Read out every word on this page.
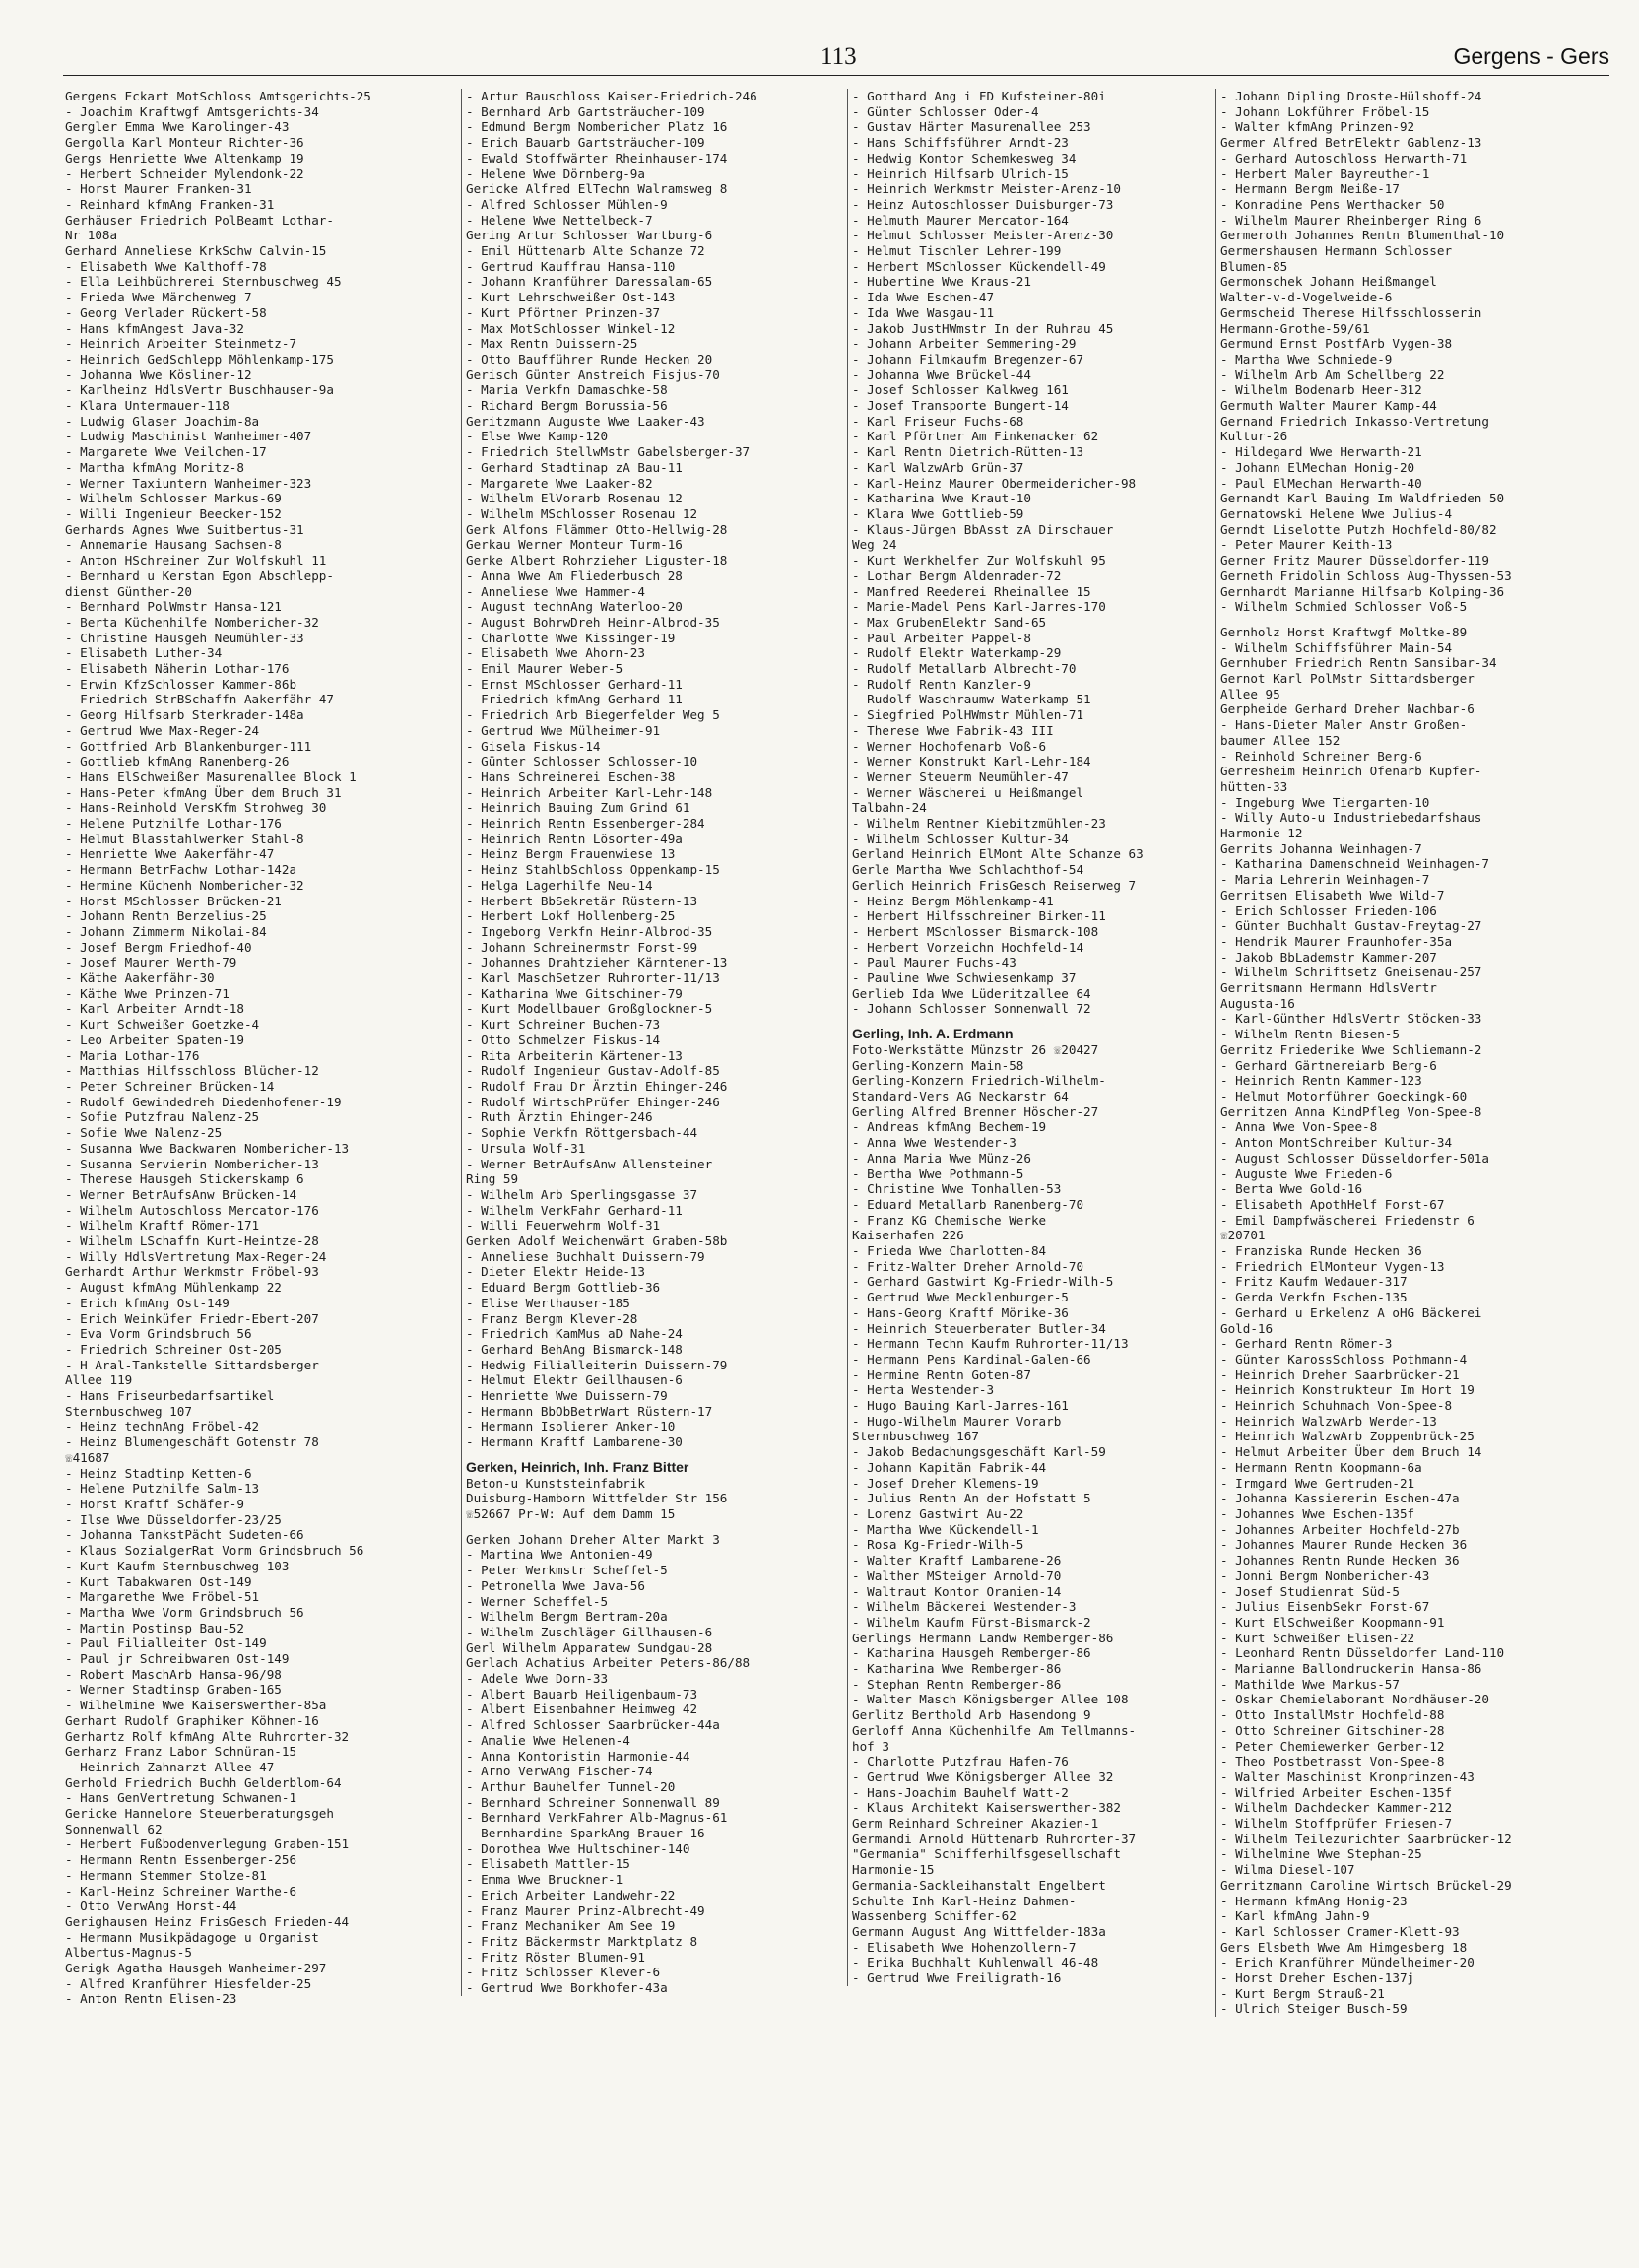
113	Gergens - Gers
Gergens Eckart MotSchloss Amtsgerichts-25
- Joachim Kraftwgf Amtsgerichts-34
Gergler Emma Wwe Karolinger-43
Gergolla Karl Monteur Richter-36
Gergs Henriette Wwe Altenkamp 19
- Herbert Schneider Mylendonk-22
- Horst Maurer Franken-31
- Reinhard kfmAng Franken-31
Gerhäuser Friedrich PolBeamt Lothar-
Nr 108a
Gerhard Anneliese KrkSchw Calvin-15
- Elisabeth Wwe Kalthoff-78
- Ella Leihbüchrerei Sternbuschweg 45
- Frieda Wwe Märchenweg 7
- Georg Verlader Rückert-58
- Hans kfmAngest Java-32
- Heinrich Arbeiter Steinmetz-7
- Heinrich GedSchlepp Möhlenkamp-175
- Johanna Wwe Kösliner-12
- Karlheinz HdlsVertr Buschhauser-9a
- Klara Untermauer-118
- Ludwig Glaser Joachim-8a
- Ludwig Maschinist Wanheimer-407
- Margarete Wwe Veilchen-17
- Martha kfmAng Moritz-8
- Werner Taxiuntern Wanheimer-323
- Wilhelm Schlosser Markus-69
- Willi Ingenieur Beecker-152
Gerhards Agnes Wwe Suitbertus-31
- Annemarie Hausang Sachsen-8
- Anton HSchreiner Zur Wolfskuhl 11
- Bernhard u Kerstan Egon Abschlepp-
dienst Günther-20
- Bernhard PolWmstr Hansa-121
- Berta Küchenhilfe Nombericher-32
- Christine Hausgeh Neumühler-33
- Elisabeth Luther-34
- Elisabeth Näherin Lothar-176
- Erwin KfzSchlosser Kammer-86b
- Friedrich StrBSchaffn Aakerfähr-47
- Georg Hilfsarb Sterkrader-148a
- Gertrud Wwe Max-Reger-24
- Gottfried Arb Blankenburger-111
- Gottlieb kfmAng Ranenberg-26
- Hans ElSchweißer Masurenallee Block 1
- Hans-Peter kfmAng Über dem Bruch 31
- Hans-Reinhold VersKfm Strohweg 30
- Helene Putzhilfe Lothar-176
- Helmut Blasstahlwerker Stahl-8
- Henriette Wwe Aakerfähr-47
- Hermann BetrFachw Lothar-142a
- Hermine Küchenh Nombericher-32
- Horst MSchlosser Brücken-21
- Johann Rentn Berzelius-25
- Johann Zimmerm Nikolai-84
- Josef Bergm Friedhof-40
- Josef Maurer Werth-79
- Käthe Aakerfähr-30
- Käthe Wwe Prinzen-71
- Karl Arbeiter Arndt-18
- Kurt Schweißer Goetzke-4
- Leo Arbeiter Spaten-19
- Maria Lothar-176
- Matthias Hilfsschloss Blücher-12
- Peter Schreiner Brücken-14
- Rudolf Gewindedreh Diedenhofener-19
- Sofie Putzfrau Nalenz-25
- Sofie Wwe Nalenz-25
- Susanna Wwe Backwaren Nombericher-13
- Susanna Servierin Nombericher-13
- Therese Hausgeh Stickerskamp 6
- Werner BetrAufsAnw Brücken-14
- Wilhelm Autoschloss Mercator-176
- Wilhelm Kraftf Römer-171
- Wilhelm LSchaffn Kurt-Heintze-28
- Willy HdlsVertretung Max-Reger-24
Gerhardt Arthur Werkmstr Fröbel-93
- August kfmAng Mühlenkamp 22
- Erich kfmAng Ost-149
- Erich Weinküfer Friedr-Ebert-207
- Eva Vorm Grindsbruch 56
- Friedrich Schreiner Ost-205
- H Aral-Tankstelle Sittardsberger
Allee 119
- Hans Friseurbedarfsartikel
Sternbuschweg 107
- Heinz technAng Fröbel-42
- Heinz Blumengeschäft Gotenstr 78
☏41687
- Heinz Stadtinp Ketten-6
- Helene Putzhilfe Salm-13
- Horst Kraftf Schäfer-9
- Ilse Wwe Düsseldorfer-23/25
- Johanna TankstPächt Sudeten-66
- Klaus SozialgerRat Vorm Grindsbruch 56
- Kurt Kaufm Sternbuschweg 103
- Kurt Tabakwaren Ost-149
- Margarethe Wwe Fröbel-51
- Martha Wwe Vorm Grindsbruch 56
- Martin Postinsp Bau-52
- Paul Filialleiter Ost-149
- Paul jr Schreibwaren Ost-149
- Robert MaschArb Hansa-96/98
- Werner Stadtinsp Graben-165
- Wilhelmine Wwe Kaiserswerther-85a
Gerhart Rudolf Graphiker Köhnen-16
Gerhartz Rolf kfmAng Alte Ruhrorter-32
Gerharz Franz Labor Schnüran-15
- Heinrich Zahnarzt Allee-47
Gerhold Friedrich Buchh Gelderblom-64
- Hans GenVertretung Schwanen-1
Gericke Hannelore Steuerberatungsgeh
Sonnenwall 62
- Herbert Fußbodenverlegung Graben-151
- Hermann Rentn Essenberger-256
- Hermann Stemmer Stolze-81
- Karl-Heinz Schreiner Warthe-6
- Otto VerwAng Horst-44
Gerighausen Heinz FrisGesch Frieden-44
- Hermann Musikpädagoge u Organist
Albertus-Magnus-5
Gerigk Agatha Hausgeh Wanheimer-297
- Alfred Kranführer Hiesfelder-25
- Anton Rentn Elisen-23
- Artur Bauschloss Kaiser-Friedrich-246
- Bernhard Arb Gartsträucher-109
- Edmund Bergm Nombericher Platz 16
- Erich Bauarb Gartsträucher-109
- Ewald Stoffwärter Rheinhauser-174
- Helene Wwe Dörnberg-9a
Gericke Alfred ElTechn Walramsweg 8
- Alfred Schlosser Mühlen-9
- Helene Wwe Nettelbeck-7
Gering Artur Schlosser Wartburg-6
- Emil Hüttenarb Alte Schanze 72
- Gertrud Kauffrau Hansa-110
- Johann Kranführer Daressalam-65
- Kurt Lehrschweißer Ost-143
- Kurt Pförtner Prinzen-37
- Max MotSchlosser Winkel-12
- Max Rentn Duissern-25
- Otto Baufführer Runde Hecken 20
Gerisch Günter Anstreich Fisjus-70
- Maria Verkfn Damaschke-58
- Richard Bergm Borussia-56
Geritzmann Auguste Wwe Laaker-43
- Else Wwe Kamp-120
- Friedrich StellwMstr Gabelsberger-37
- Gerhard Stadtinap zA Bau-11
- Margarete Wwe Laaker-82
- Wilhelm ElVorarb Rosenau 12
- Wilhelm MSchlosser Rosenau 12
Gerk Alfons Flämmer Otto-Hellwig-28
Gerkau Werner Monteur Turm-16
Gerke Albert Rohrzieher Liguster-18
- Anna Wwe Am Fliederbusch 28
- Anneliese Wwe Hammer-4
- August technAng Waterloo-20
- August BohrwDreh Heinr-Albrod-35
- Charlotte Wwe Kissinger-19
- Elisabeth Wwe Ahorn-23
- Emil Maurer Weber-5
- Ernst MSchlosser Gerhard-11
- Friedrich kfmAng Gerhard-11
- Friedrich Arb Biegerfelder Weg 5
- Gertrud Wwe Mülheimer-91
- Gisela Fiskus-14
- Günter Schlosser Schlosser-10
- Hans Schreinerei Eschen-38
- Heinrich Arbeiter Karl-Lehr-148
- Heinrich Bauing Zum Grind 61
- Heinrich Rentn Essenberger-284
- Heinrich Rentn Lösorter-49a
- Heinz Bergm Frauenwiese 13
- Heinz StahlbSchloss Oppenkamp-15
- Helga Lagerhilfe Neu-14
- Herbert BbSekretär Rüstern-13
- Herbert Lokf Hollenberg-25
- Ingeborg Verkfn Heinr-Albrod-35
- Johann Schreinermstr Forst-99
- Johannes Drahtzieher Kärntener-13
- Karl MaschSetzer Ruhrorter-11/13
- Katharina Wwe Gitschiner-79
- Kurt Modellbauer Großglockner-5
- Kurt Schreiner Buchen-73
- Otto Schmelzer Fiskus-14
- Rita Arbeiterin Kärtener-13
- Rudolf Ingenieur Gustav-Adolf-85
- Rudolf Frau Dr Ärztin Ehinger-246
- Rudolf WirtschPrüfer Ehinger-246
- Ruth Ärztin Ehinger-246
- Sophie Verkfn Röttgersbach-44
- Ursula Wolf-31
- Werner BetrAufsAnw Allensteiner
Ring 59
- Wilhelm Arb Sperlingsgasse 37
- Wilhelm VerkFahr Gerhard-11
- Willi Feuerwehrm Wolf-31
Gerken Adolf Weichenwärt Graben-58b
- Anneliese Buchhalt Duissern-79
- Dieter Elektr Heide-13
- Eduard Bergm Gottlieb-36
- Elise Werthauser-185
- Franz Bergm Klever-28
- Friedrich KamMus aD Nahe-24
- Gerhard BehAng Bismarck-148
- Hedwig Filialleiterin Duissern-79
- Helmut Elektr Geillhausen-6
- Henriette Wwe Duissern-79
- Hermann BbObBetrWart Rüstern-17
- Hermann Isolierer Anker-10
- Hermann Kraftf Lambarene-30
Gerken, Heinrich, Inh. Franz Bitter
Beton-u Kunststeinfabrik
Duisburg-Hamborn Wittfelder Str 156
☏52667 Pr-W: Auf dem Damm 15
Gerken Johann Dreher Alter Markt 3
- Martina Wwe Antonien-49
- Peter Werkmstr Scheffel-5
- Petronella Wwe Java-56
- Werner Scheffel-5
- Wilhelm Bergm Bertram-20a
- Wilhelm Zuschläger Gillhausen-6
Gerl Wilhelm Apparatew Sundgau-28
Gerlach Achatius Arbeiter Peters-86/88
- Adele Wwe Dorn-33
- Albert Bauarb Heiligenbaum-73
- Albert Eisenbahner Heimweg 42
- Alfred Schlosser Saarbrücker-44a
- Amalie Wwe Helenen-4
- Anna Kontoristin Harmonie-44
- Arno VerwAng Fischer-74
- Arthur Bauhelfer Tunnel-20
- Bernhard Schreiner Sonnenwall 89
- Bernhard VerkFahrer Alb-Magnus-61
- Bernhardine SparkAng Brauer-16
- Dorothea Wwe Hultschiner-140
- Elisabeth Mattler-15
- Emma Wwe Bruckner-1
- Erich Arbeiter Landwehr-22
- Franz Maurer Prinz-Albrecht-49
- Franz Mechaniker Am See 19
- Fritz Bäckermstr Marktplatz 8
- Fritz Röster Blumen-91
- Fritz Schlosser Klever-6
- Gertrud Wwe Borkhofer-43a
- Gotthard Ang i FD Kufsteiner-80i
- Günter Schlosser Oder-4
- Gustav Härter Masurenallee 253
- Hans Schiffsführer Arndt-23
- Hedwig Kontor Schemkesweg 34
- Heinrich Hilfsarb Ulrich-15
- Heinrich Werkmstr Meister-Arenz-10
- Heinz Autoschlosser Duisburger-73
- Helmuth Maurer Mercator-164
- Helmut Schlosser Meister-Arenz-30
- Helmut Tischler Lehrer-199
- Herbert MSchlosser Kückendell-49
- Hubertine Wwe Kraus-21
- Ida Wwe Eschen-47
- Ida Wwe Wasgau-11
- Jakob JustHWmstr In der Ruhrau 45
- Johann Arbeiter Semmering-29
- Johann Filmkaufm Bregenzer-67
- Johanna Wwe Brückel-44
- Josef Schlosser Kalkweg 161
- Josef Transporte Bungert-14
- Karl Friseur Fuchs-68
- Karl Pförtner Am Finkenacker 62
- Karl Rentn Dietrich-Rütten-13
- Karl WalzwArb Grün-37
- Karl-Heinz Maurer Obermeidericher-98
- Katharina Wwe Kraut-10
- Klara Wwe Gottlieb-59
- Klaus-Jürgen BbAsst zA Dirschauer
Weg 24
- Kurt Werkhelfer Zur Wolfskuhl 95
- Lothar Bergm Aldenrader-72
- Manfred Reederei Rheinallee 15
- Marie-Madel Pens Karl-Jarres-170
- Max GrubenElektr Sand-65
- Paul Arbeiter Pappel-8
- Rudolf Elektr Waterkamp-29
- Rudolf Metallarb Albrecht-70
- Rudolf Rentn Kanzler-9
- Rudolf Waschraumw Waterkamp-51
- Siegfried PolHWmstr Mühlen-71
- Therese Wwe Fabrik-43 III
- Werner Hochofenarb Voß-6
- Werner Konstrukt Karl-Lehr-184
- Werner Steuerm Neumühler-47
- Werner Wäscherei u Heißmangel
Talbahn-24
- Wilhelm Rentner Kiebitzmühlen-23
- Wilhelm Schlosser Kultur-34
Gerland Heinrich ElMont Alte Schanze 63
Gerle Martha Wwe Schlachthof-54
Gerlich Heinrich FrisGesch Reiserweg 7
- Heinz Bergm Möhlenkamp-41
- Herbert Hilfsschreiner Birken-11
- Herbert MSchlosser Bismarck-108
- Herbert Vorzeichn Hochfeld-14
- Paul Maurer Fuchs-43
- Pauline Wwe Schwiesenkamp 37
Gerlieb Ida Wwe Lüderitzallee 64
- Johann Schlosser Sonnenwall 72
Gerling, Inh. A. Erdmann
Foto-Werkstätte Münzstr 26 ☏20427
Gerling-Konzern Main-58
Gerling-Konzern Friedrich-Wilhelm-
Standard-Vers AG Neckarstr 64
Gerling Alfred Brenner Höscher-27
- Andreas kfmAng Bechem-19
- Anna Wwe Westender-3
- Anna Maria Wwe Münz-26
- Bertha Wwe Pothmann-5
- Christine Wwe Tonhallen-53
- Eduard Metallarb Ranenberg-70
- Franz KG Chemische Werke
Kaiserhafen 226
- Frieda Wwe Charlotten-84
- Fritz-Walter Dreher Arnold-70
- Gerhard Gastwirt Kg-Friedr-Wilh-5
- Gertrud Wwe Mecklenburger-5
- Hans-Georg Kraftf Mörike-36
- Heinrich Steuerberater Butler-34
- Hermann Techn Kaufm Ruhrorter-11/13
- Hermann Pens Kardinal-Galen-66
- Hermine Rentn Goten-87
- Herta Westender-3
- Hugo Bauing Karl-Jarres-161
- Hugo-Wilhelm Maurer Vorarb
Sternbuschweg 167
- Jakob Bedachungsgeschäft Karl-59
- Johann Kapitän Fabrik-44
- Josef Dreher Klemens-19
- Julius Rentn An der Hofstatt 5
- Lorenz Gastwirt Au-22
- Martha Wwe Kückendell-1
- Rosa Kg-Friedr-Wilh-5
- Walter Kraftf Lambarene-26
- Walther MSteiger Arnold-70
- Waltraut Kontor Oranien-14
- Wilhelm Bäckerei Westender-3
- Wilhelm Kaufm Fürst-Bismarck-2
Gerlings Hermann Landw Remberger-86
- Katharina Hausgeh Remberger-86
- Katharina Wwe Remberger-86
- Stephan Rentn Remberger-86
- Walter Masch Königsberger Allee 108
Gerlitz Berthold Arb Hasendong 9
Gerloff Anna Küchenhilfe Am Tellmanns-
hof 3
- Charlotte Putzfrau Hafen-76
- Gertrud Wwe Königsberger Allee 32
- Hans-Joachim Bauhelf Watt-2
- Klaus Architekt Kaiserswerther-382
Germ Reinhard Schreiner Akazien-1
Germandi Arnold Hüttenarb Ruhrorter-37
"Germania" Schifferhilfsgesellschaft
Harmonie-15
Germania-Sackleihanstalt Engelbert
Schulte Inh Karl-Heinz Dahmen-
Wassenberg Schiffer-62
Germann August Ang Wittfelder-183a
- Elisabeth Wwe Hohenzollern-7
- Erika Buchhalt Kuhlenwall 46-48
- Gertrud Wwe Freiligrath-16
- Johann Dipling Droste-Hülshoff-24
- Johann Lokführer Fröbel-15
- Walter kfmAng Prinzen-92
Germer Alfred BetrElektr Gablenz-13
- Gerhard Autoschloss Herwarth-71
- Herbert Maler Bayreuther-1
- Hermann Bergm Neiße-17
- Konradine Pens Werthacker 50
- Wilhelm Maurer Rheinberger Ring 6
Germeroth Johannes Rentn Blumenthal-10
Germershausen Hermann Schlosser
Blumen-85
Germonschek Johann Heißmangel
Walter-v-d-Vogelweide-6
Germscheid Therese Hilfsschlosserin
Hermann-Grothe-59/61
Germund Ernst PostfArb Vygen-38
- Martha Wwe Schmiede-9
- Wilhelm Arb Am Schellberg 22
- Wilhelm Bodenarb Heer-312
Germuth Walter Maurer Kamp-44
Gernand Friedrich Inkasso-Vertretung
Kultur-26
- Hildegard Wwe Herwarth-21
- Johann ElMechan Honig-20
- Paul ElMechan Herwarth-40
Gernandt Karl Bauing Im Waldfrieden 50
Gernatowski Helene Wwe Julius-4
Gerndt Liselotte Putzh Hochfeld-80/82
- Peter Maurer Keith-13
Gerner Fritz Maurer Düsseldorfer-119
Gerneth Fridolin Schloss Aug-Thyssen-53
Gernhardt Marianne Hilfsarb Kolping-36
- Wilhelm Schmied Schlosser Voß-5
Gernholz Horst Kraftwgf Moltke-89
- Wilhelm Schiffsführer Main-54
Gernhuber Friedrich Rentn Sansibar-34
Gernot Karl PolMstr Sittardsberger
Allee 95
Gerpheide Gerhard Dreher Nachbar-6
- Hans-Dieter Maler Anstr Großen-
baumer Allee 152
- Reinhold Schreiner Berg-6
Gerresheim Heinrich Ofenarb Kupfer-
hütten-33
- Ingeburg Wwe Tiergarten-10
- Willy Auto-u Industriebedarfshaus
Harmonie-12
Gerrits Johanna Weinhagen-7
- Katharina Damenschneid Weinhagen-7
- Maria Lehrerin Weinhagen-7
Gerritsen Elisabeth Wwe Wild-7
- Erich Schlosser Frieden-106
- Günter Buchhalt Gustav-Freytag-27
- Hendrik Maurer Fraunhofer-35a
- Jakob BbLademstr Kammer-207
- Wilhelm Schriftsetz Gneisenau-257
Gerritsmann Hermann HdlsVertr
Augusta-16
- Karl-Günther HdlsVertr Stöcken-33
- Wilhelm Rentn Biesen-5
Gerritz Friederike Wwe Schliemann-2
- Gerhard Gärtnereiarb Berg-6
- Heinrich Rentn Kammer-123
- Helmut Motorführer Goeckingk-60
Gerritzen Anna KindPfleg Von-Spee-8
- Anna Wwe Von-Spee-8
- Anton MontSchreiber Kultur-34
- August Schlosser Düsseldorfer-501a
- Auguste Wwe Frieden-6
- Berta Wwe Gold-16
- Elisabeth ApothHelf Forst-67
- Emil Dampfwäscherei Friedenstr 6
☏20701
- Franziska Runde Hecken 36
- Friedrich ElMonteur Vygen-13
- Fritz Kaufm Wedauer-317
- Gerda Verkfn Eschen-135
- Gerhard u Erkelenz A oHG Bäckerei
Gold-16
- Gerhard Rentn Römer-3
- Günter KarossSchloss Pothmann-4
- Heinrich Dreher Saarbrücker-21
- Heinrich Konstrukteur Im Hort 19
- Heinrich Schuhmach Von-Spee-8
- Heinrich WalzwArb Werder-13
- Heinrich WalzwArb Zoppenbrück-25
- Helmut Arbeiter Über dem Bruch 14
- Hermann Rentn Koopmann-6a
- Irmgard Wwe Gertruden-21
- Johanna Kassiererin Eschen-47a
- Johannes Wwe Eschen-135f
- Johannes Arbeiter Hochfeld-27b
- Johannes Maurer Runde Hecken 36
- Johannes Rentn Runde Hecken 36
- Jonni Bergm Nombericher-43
- Josef Studienrat Süd-5
- Julius EisenbSekr Forst-67
- Kurt ElSchweißer Koopmann-91
- Kurt Schweißer Elisen-22
- Leonhard Rentn Düsseldorfer Land-110
- Marianne Ballondruckerin Hansa-86
- Mathilde Wwe Markus-57
- Oskar Chemielaborant Nordhäuser-20
- Otto InstallMstr Hochfeld-88
- Otto Schreiner Gitschiner-28
- Peter Chemiewerker Gerber-12
- Theo Postbetrasst Von-Spee-8
- Walter Maschinist Kronprinzen-43
- Wilfried Arbeiter Eschen-135f
- Wilhelm Dachdecker Kammer-212
- Wilhelm Stoffprüfer Friesen-7
- Wilhelm Teilezurichter Saarbrücker-12
- Wilhelmine Wwe Stephan-25
- Wilma Diesel-107
Gerritzmann Caroline Wirtsch Brückel-29
- Hermann kfmAng Honig-23
- Karl kfmAng Jahn-9
- Karl Schlosser Cramer-Klett-93
Gers Elsbeth Wwe Am Himgesberg 18
- Erich Kranführer Mündelheimer-20
- Horst Dreher Eschen-137j
- Kurt Bergm Strauß-21
- Ulrich Steiger Busch-59
